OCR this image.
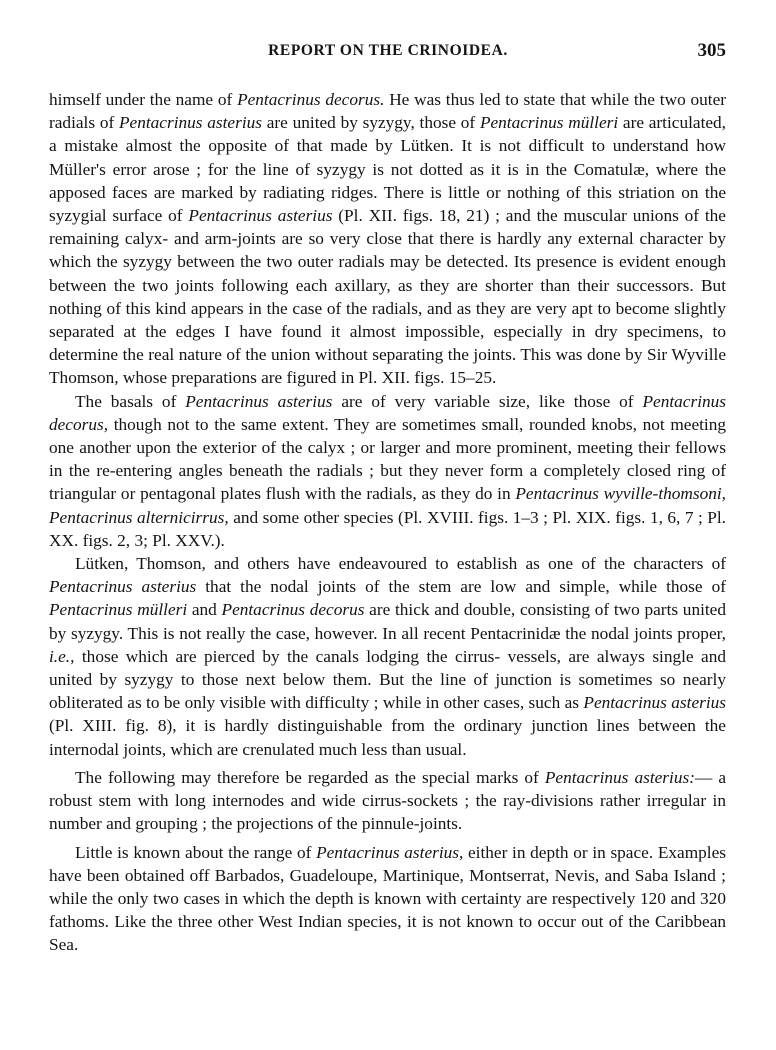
REPORT ON THE CRINOIDEA.	305

himself under the name of Pentacrinus decorus. He was thus led to state that while the two outer radials of Pentacrinus asterius are united by syzygy, those of Pentacrinus mülleri are articulated, a mistake almost the opposite of that made by Lütken. It is not difficult to understand how Müller's error arose ; for the line of syzygy is not dotted as it is in the Comatulæ, where the apposed faces are marked by radiating ridges. There is little or nothing of this striation on the syzygial surface of Pentacrinus asterius (Pl. XII. figs. 18, 21) ; and the muscular unions of the remaining calyx- and arm-joints are so very close that there is hardly any external character by which the syzygy between the two outer radials may be detected. Its presence is evident enough between the two joints following each axillary, as they are shorter than their successors. But nothing of this kind appears in the case of the radials, and as they are very apt to become slightly separated at the edges I have found it almost impossible, especially in dry specimens, to determine the real nature of the union without separating the joints. This was done by Sir Wyville Thomson, whose preparations are figured in Pl. XII. figs. 15–25.

The basals of Pentacrinus asterius are of very variable size, like those of Pentacrinus decorus, though not to the same extent. They are sometimes small, rounded knobs, not meeting one another upon the exterior of the calyx ; or larger and more prominent, meeting their fellows in the re-entering angles beneath the radials ; but they never form a completely closed ring of triangular or pentagonal plates flush with the radials, as they do in Pentacrinus wyville-thomsoni, Pentacrinus alternicirrus, and some other species (Pl. XVIII. figs. 1–3 ; Pl. XIX. figs. 1, 6, 7 ; Pl. XX. figs. 2, 3; Pl. XXV.).

Lütken, Thomson, and others have endeavoured to establish as one of the characters of Pentacrinus asterius that the nodal joints of the stem are low and simple, while those of Pentacrinus mülleri and Pentacrinus decorus are thick and double, consisting of two parts united by syzygy. This is not really the case, however. In all recent Pentacrinidæ the nodal joints proper, i.e., those which are pierced by the canals lodging the cirrus- vessels, are always single and united by syzygy to those next below them. But the line of junction is sometimes so nearly obliterated as to be only visible with difficulty ; while in other cases, such as Pentacrinus asterius (Pl. XIII. fig. 8), it is hardly distinguishable from the ordinary junction lines between the internodal joints, which are crenulated much less than usual.

The following may therefore be regarded as the special marks of Pentacrinus asterius:— a robust stem with long internodes and wide cirrus-sockets ; the ray-divisions rather irregular in number and grouping ; the projections of the pinnule-joints.

Little is known about the range of Pentacrinus asterius, either in depth or in space. Examples have been obtained off Barbados, Guadeloupe, Martinique, Montserrat, Nevis, and Saba Island ; while the only two cases in which the depth is known with certainty are respectively 120 and 320 fathoms. Like the three other West Indian species, it is not known to occur out of the Caribbean Sea.
